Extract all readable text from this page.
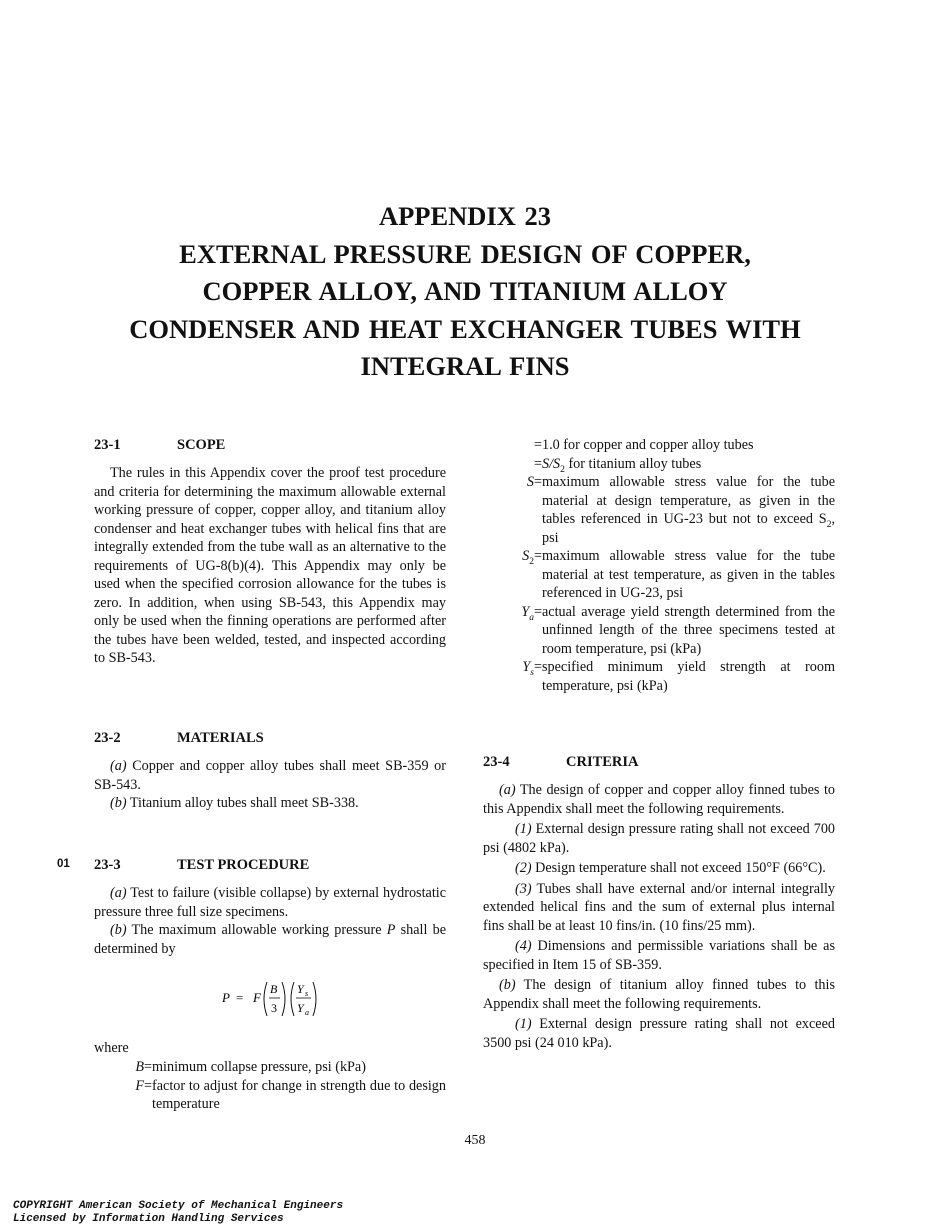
APPENDIX 23
EXTERNAL PRESSURE DESIGN OF COPPER,
COPPER ALLOY, AND TITANIUM ALLOY
CONDENSER AND HEAT EXCHANGER TUBES WITH
INTEGRAL FINS
23-1	SCOPE

The rules in this Appendix cover the proof test procedure and criteria for determining the maximum allowable external working pressure of copper, copper alloy, and titanium alloy condenser and heat exchanger tubes with helical fins that are integrally extended from the tube wall as an alternative to the requirements of UG-8(b)(4). This Appendix may only be used when the specified corrosion allowance for the tubes is zero. In addition, when using SB-543, this Appendix may only be used when the finning operations are performed after the tubes have been welded, tested, and inspected according to SB-543.

23-2	MATERIALS

(a) Copper and copper alloy tubes shall meet SB-359 or SB-543.

(b) Titanium alloy tubes shall meet SB-338.

23-3	TEST PROCEDURE

(a) Test to failure (visible collapse) by external hydrostatic pressure three full size specimens.

(b) The maximum allowable working pressure P shall be determined by

where

B= minimum collapse pressure, psi (kPa)

F= factor to adjust for change in strength due to design temperature

01
P = F
B
3
Y s
Y a

= 1.0 for copper and copper alloy tubes

= $S/S_2$ for titanium alloy tubes

S= maximum allowable stress value for the tube material at design temperature, as given in the tables referenced in UG-23 but not to exceed $S_2$, psi

$S_2=$ maximum allowable stress value for the tube material at test temperature, as given in the tables referenced in UG-23, psi

$Y_a=$ actual average yield strength determined from the unfinned length of the three specimens tested at room temperature, psi (kPa)

$Y_s=$ specified minimum yield strength at room temperature, psi (kPa)

23-4	CRITERIA

(a) The design of copper and copper alloy finned tubes to this Appendix shall meet the following requirements.

(1) External design pressure rating shall not exceed 700 psi (4802 kPa).

(2) Design temperature shall not exceed 150°F (66°C).

(3) Tubes shall have external and/or internal integrally extended helical fins and the sum of external plus internal fins shall be at least 10 fins/in. (10 fins/25 mm).

(4) Dimensions and permissible variations shall be as specified in Item 15 of SB-359.

(b) The design of titanium alloy finned tubes to this Appendix shall meet the following requirements.

(1) External design pressure rating shall not exceed 3500 psi (24 010 kPa).

458
COPYRIGHT American Society of Mechanical Engineers
Licensed by Information Handling Services
